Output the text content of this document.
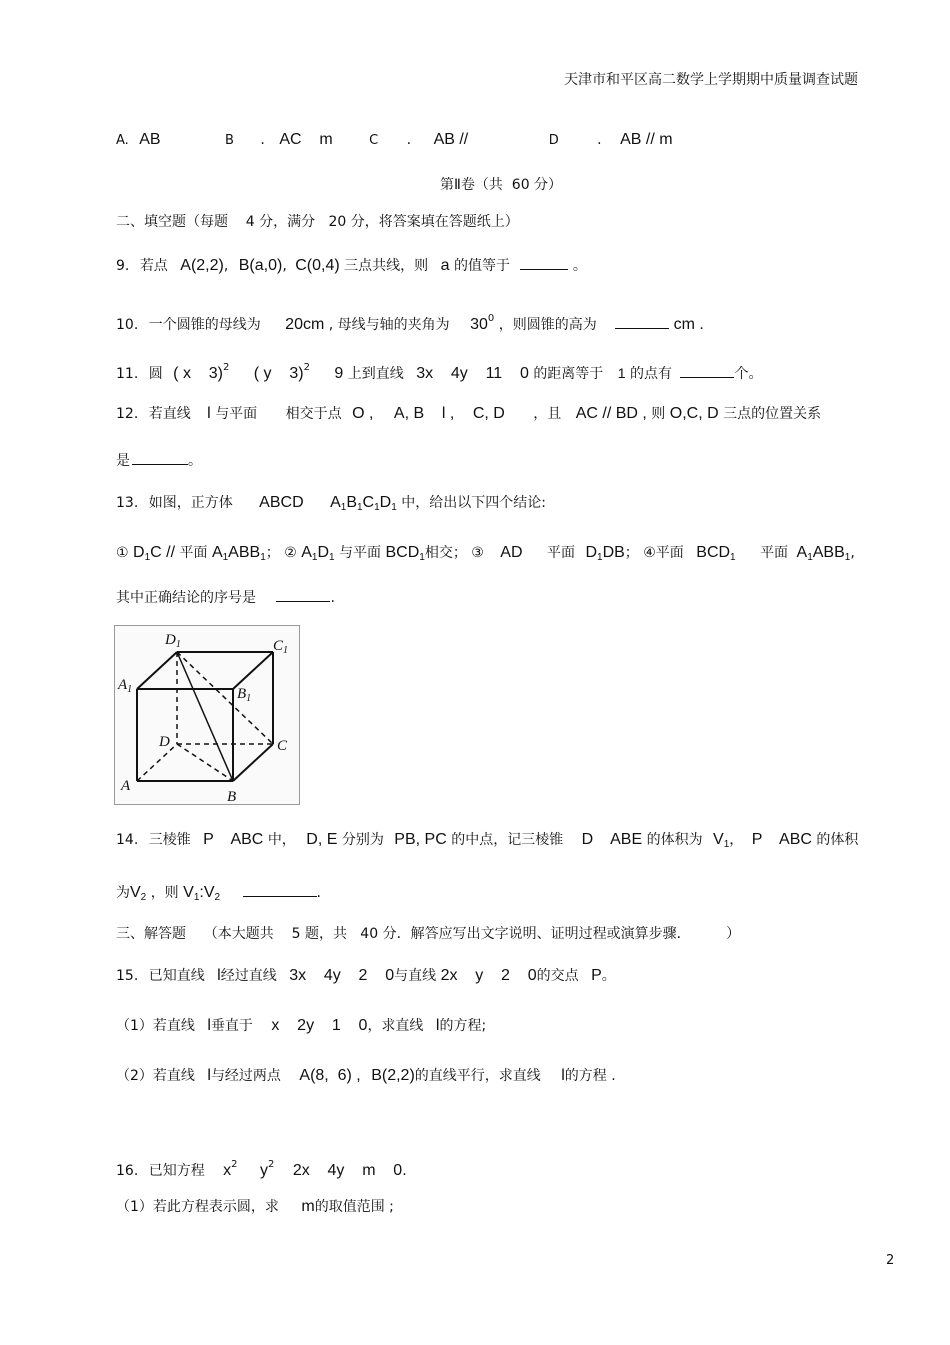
天津市和平区高二数学上学期期中质量调查试题
A. AB	B . AC    m	C . AB //	D	. AB // m
第Ⅱ卷（共  60 分）
二、填空题（每题    4 分，满分   20 分，将答案填在答题纸上）
9. 若点 A(2,2), B(a,0), C(0,4) 三点共线，则 a 的值等于	。
10. 一个圆锥的母线为 20cm , 母线与轴的夹角为 $30^0$ ，则圆锥的高为	cm .
11. 圆 ( x    3)$^2$ ( y    3)$^2$ 9 上到直线 3x    4y    11    0 的距离等于 1 的点有	个。
12. 若直线 l 与平面 相交于点 O , A, B    l , C, D ，且 AC // BD , 则 O,C, D 三点的位置关系
是	。
13. 如图，正方体 ABCD $A_1B_1C_1D_1$ 中，给出以下四个结论:
① $D_1C$ // 平面 $A_1ABB_1$； ② $A_1D_1$ 与平面 $BCD_1$相交； ③ AD 平面 $D_1DB$； ④平面 $BCD_1$ 平面 $A_1ABB_1$,
其中正确结论的序号是	.
$D_1$	$C_1$
$A_1$	$B_1$
D	C
A
B
14. 三棱锥 P    ABC 中， D, E 分别为 PB, PC 的中点，记三棱锥 D    ABE 的体积为 $V_1$， P    ABC 的体积
为$V_2$ ，则 $V_1:V_2$	.
三、解答题    （本大题共    5 题，共   40 分．解答应写出文字说明、证明过程或演算步骤．        ）
15. 已知直线 l经过直线 3x    4y    2    0与直线 2x    y    2    0的交点 P。
（1）若直线 l垂直于 x    2y    1    0，求直线 l的方程;
（2）若直线 l与经过两点 A(8,  6) , B(2,2)的直线平行，求直线 l的方程 .
16. 已知方程 $x^2$ $y^2$ 2x    4y    m    0.
（1）若此方程表示圆，求 m的取值范围 ;
2
